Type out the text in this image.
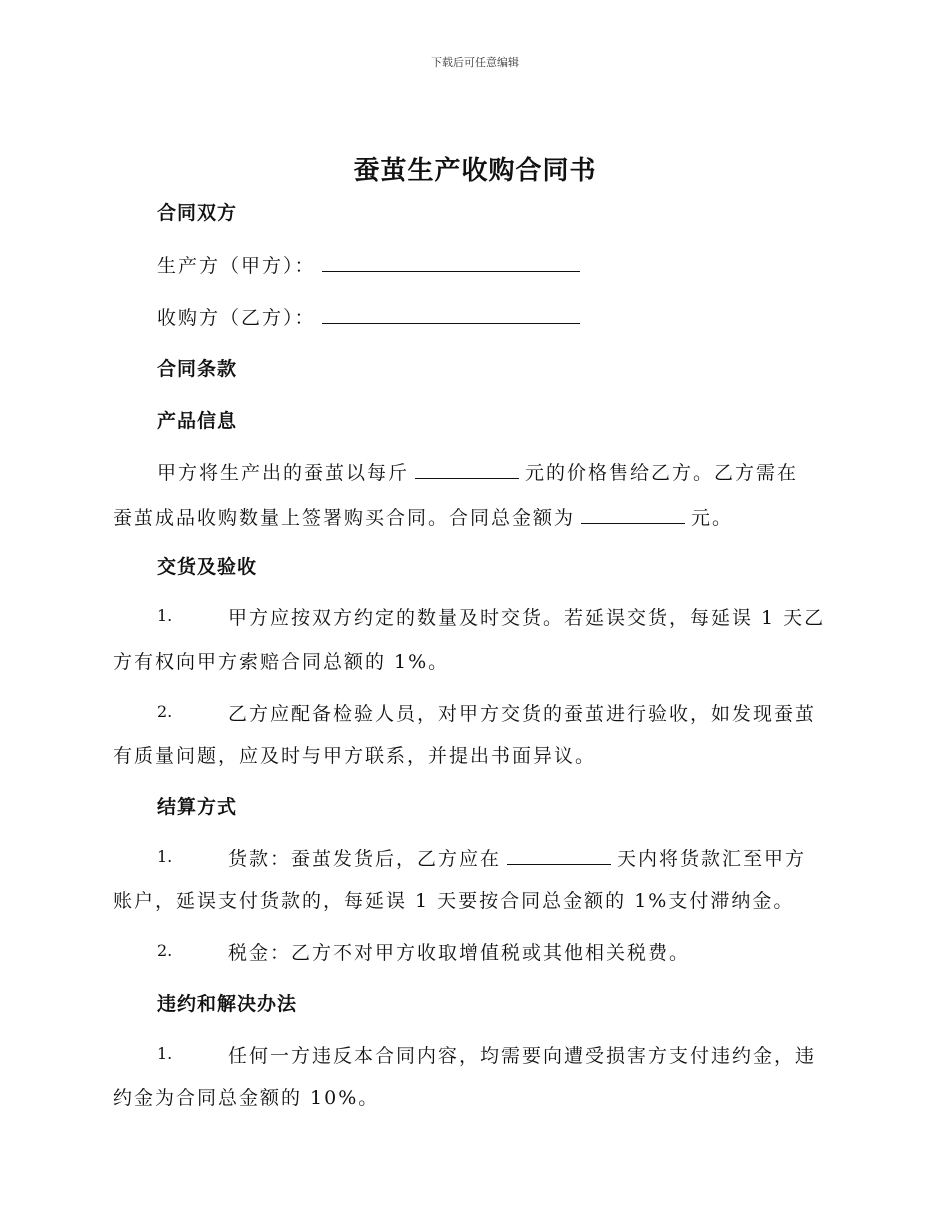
下载后可任意编辑
蚕茧生产收购合同书
合同双方
生产方（甲方）：
收购方（乙方）：
合同条款
产品信息
甲方将生产出的蚕茧以每斤	元的价格售给乙方。乙方需在
蚕茧成品收购数量上签署购买合同。合同总金额为	元。
交货及验收
1.	甲方应按双方约定的数量及时交货。若延误交货，每延误 1 天乙
方有权向甲方索赔合同总额的 1%。
2.	乙方应配备检验人员，对甲方交货的蚕茧进行验收，如发现蚕茧
有质量问题，应及时与甲方联系，并提出书面异议。
结算方式
1.	货款：蚕茧发货后，乙方应在	天内将货款汇至甲方
账户，延误支付货款的，每延误 1 天要按合同总金额的 1%支付滞纳金。
2.	税金：乙方不对甲方收取增值税或其他相关税费。
违约和解决办法
1.	任何一方违反本合同内容，均需要向遭受损害方支付违约金，违
约金为合同总金额的 10%。
